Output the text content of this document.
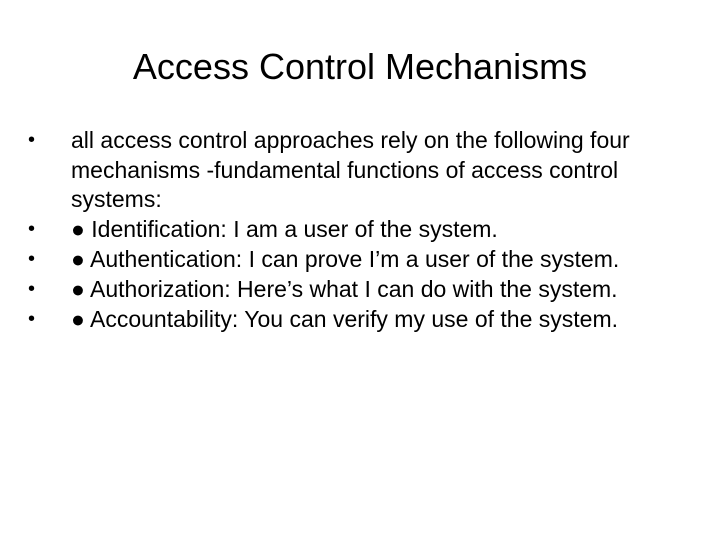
Access Control Mechanisms
•	all access control approaches rely on the following four mechanisms -fundamental functions of access control systems:
•	● Identification: I am a user of the system.
•	● Authentication: I can prove I’m a user of the system.
•	● Authorization: Here’s what I can do with the system.
•	● Accountability: You can verify my use of the system.
